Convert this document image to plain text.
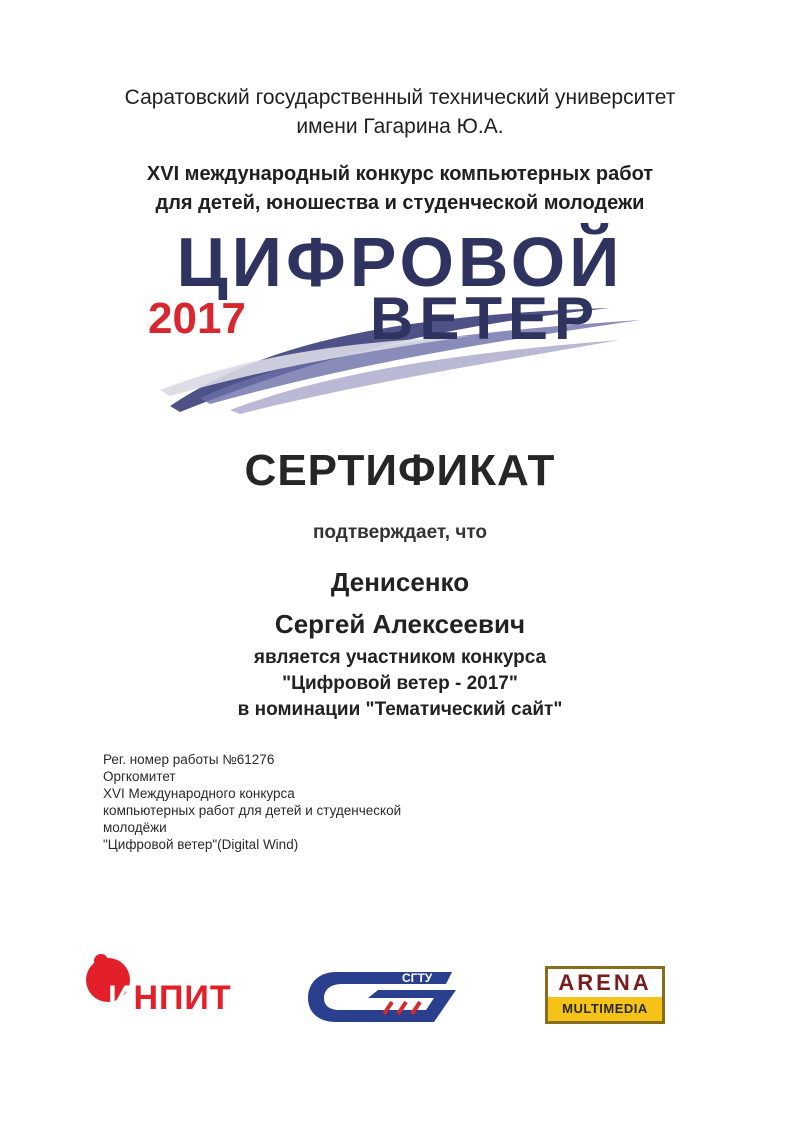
Саратовский государственный технический университет
имени Гагарина Ю.А.
XVI международный конкурс компьютерных работ
для детей, юношества и студенческой молодежи
ЦИФРОВОЙ
2017 ВЕТЕР
СЕРТИФИКАТ
подтверждает, что
Денисенко
Сергей Алексеевич
является участником конкурса
"Цифровой ветер - 2017"
в номинации "Тематический сайт"
Рег. номер работы №61276
Оргкомитет
XVI Международного конкурса
компьютерных работ для детей и студенческой
молодёжи
"Цифровой ветер"(Digital Wind)
ИНПИТ
СГТУ	ARENA
MULTIMEDIA
